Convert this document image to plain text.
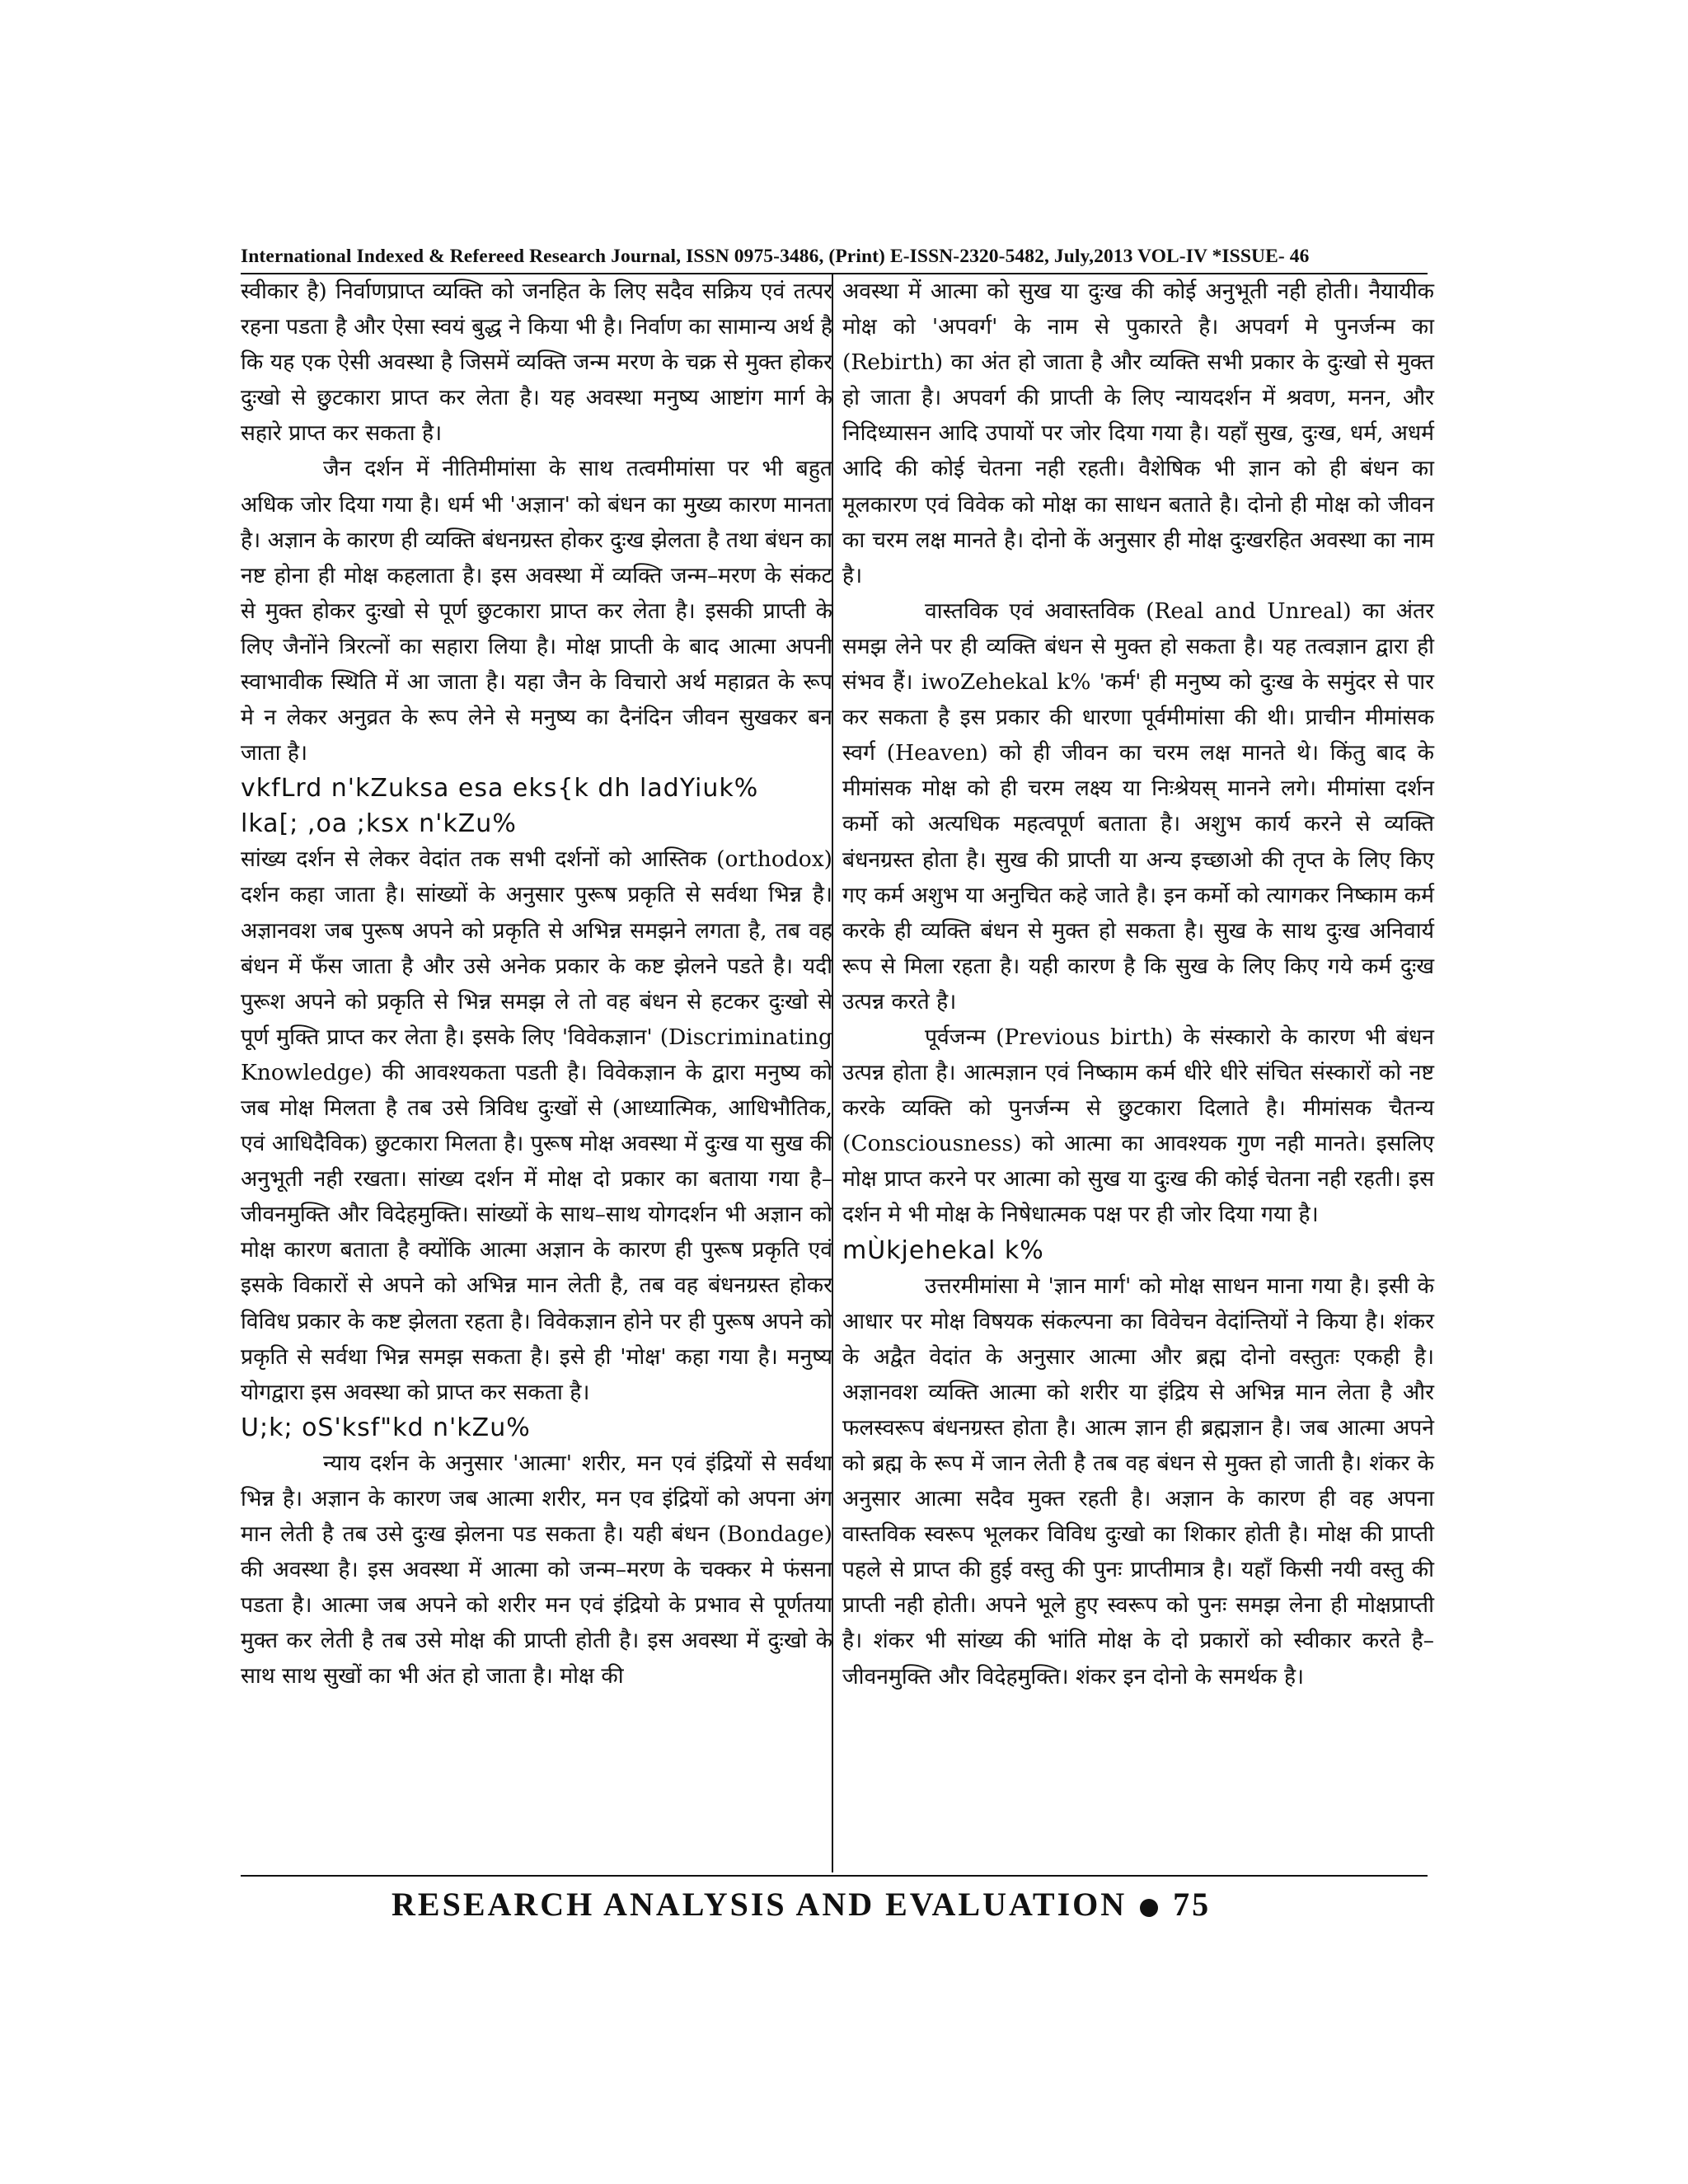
International Indexed & Refereed Research Journal, ISSN 0975-3486, (Print) E-ISSN-2320-5482, July,2013 VOL-IV *ISSUE- 46

स्वीकार है) निर्वाणप्राप्त व्यक्ति को जनहित के लिए सदैव सक्रिय एवं तत्पर रहना पडता है और ऐसा स्वयं बुद्ध ने किया भी है। निर्वाण का सामान्य अर्थ है कि यह एक ऐसी अवस्था है जिसमें व्यक्ति जन्म मरण के चक्र से मुक्त होकर दुःखो से छुटकारा प्राप्त कर लेता है। यह अवस्था मनुष्य आष्टांग मार्ग के सहारे प्राप्त कर सकता है।

जैन दर्शन में नीतिमीमांसा के साथ तत्वमीमांसा पर भी बहुत अधिक जोर दिया गया है। धर्म भी 'अज्ञान' को बंधन का मुख्य कारण मानता है। अज्ञान के कारण ही व्यक्ति बंधनग्रस्त होकर दुःख झेलता है तथा बंधन का नष्ट होना ही मोक्ष कहलाता है। इस अवस्था में व्यक्ति जन्म–मरण के संकट से मुक्त होकर दुःखो से पूर्ण छुटकारा प्राप्त कर लेता है। इसकी प्राप्ती के लिए जैनोंने त्रिरत्नों का सहारा लिया है। मोक्ष प्राप्ती के बाद आत्मा अपनी स्वाभावीक स्थिति में आ जाता है। यहा जैन के विचारो अर्थ महाव्रत के रूप मे न लेकर अनुव्रत के रूप लेने से मनुष्य का दैनंदिन जीवन सुखकर बन जाता है।

vkfLrd n'kZuksa esa eks{k dh ladYiuk%

lka[; ,oa ;ksx n'kZu%

सांख्य दर्शन से लेकर वेदांत तक सभी दर्शनों को आस्तिक (orthodox) दर्शन कहा जाता है। सांख्यों के अनुसार पुरूष प्रकृति से सर्वथा भिन्न है। अज्ञानवश जब पुरूष अपने को प्रकृति से अभिन्न समझने लगता है, तब वह बंधन में फँस जाता है और उसे अनेक प्रकार के कष्ट झेलने पडते है। यदी पुरूश अपने को प्रकृति से भिन्न समझ ले तो वह बंधन से हटकर दुःखो से पूर्ण मुक्ति प्राप्त कर लेता है। इसके लिए 'विवेकज्ञान' (Discriminating Knowledge) की आवश्यकता पडती है। विवेकज्ञान के द्वारा मनुष्य को जब मोक्ष मिलता है तब उसे त्रिविध दुःखों से (आध्यात्मिक, आधिभौतिक, एवं आधिदैविक) छुटकारा मिलता है। पुरूष मोक्ष अवस्था में दुःख या सुख की अनुभूती नही रखता। सांख्य दर्शन में मोक्ष दो प्रकार का बताया गया है–जीवनमुक्ति और विदेहमुक्ति। सांख्यों के साथ–साथ योगदर्शन भी अज्ञान को मोक्ष कारण बताता है क्योंकि आत्मा अज्ञान के कारण ही पुरूष प्रकृति एवं इसके विकारों से अपने को अभिन्न मान लेती है, तब वह बंधनग्रस्त होकर विविध प्रकार के कष्ट झेलता रहता है। विवेकज्ञान होने पर ही पुरूष अपने को प्रकृति से सर्वथा भिन्न समझ सकता है। इसे ही 'मोक्ष' कहा गया है। मनुष्य योगद्वारा इस अवस्था को प्राप्त कर सकता है।

U;k; oS'ksf"kd n'kZu%

न्याय दर्शन के अनुसार 'आत्मा' शरीर, मन एवं इंद्रियों से सर्वथा भिन्न है। अज्ञान के कारण जब आत्मा शरीर, मन एव इंद्रियों को अपना अंग मान लेती है तब उसे दुःख झेलना पड सकता है। यही बंधन (Bondage) की अवस्था है। इस अवस्था में आत्मा को जन्म–मरण के चक्कर मे फंसना पडता है। आत्मा जब अपने को शरीर मन एवं इंद्रियो के प्रभाव से पूर्णतया मुक्त कर लेती है तब उसे मोक्ष की प्राप्ती होती है। इस अवस्था में दुःखो के साथ साथ सुखों का भी अंत हो जाता है। मोक्ष की

अवस्था में आत्मा को सुख या दुःख की कोई अनुभूती नही होती। नैयायीक मोक्ष को 'अपवर्ग' के नाम से पुकारते है। अपवर्ग मे पुनर्जन्म का (Rebirth) का अंत हो जाता है और व्यक्ति सभी प्रकार के दुःखो से मुक्त हो जाता है। अपवर्ग की प्राप्ती के लिए न्यायदर्शन में श्रवण, मनन, और निदिध्यासन आदि उपायों पर जोर दिया गया है। यहाँ सुख, दुःख, धर्म, अधर्म आदि की कोई चेतना नही रहती। वैशेषिक भी ज्ञान को ही बंधन का मूलकारण एवं विवेक को मोक्ष का साधन बताते है। दोनो ही मोक्ष को जीवन का चरम लक्ष मानते है। दोनो कें अनुसार ही मोक्ष दुःखरहित अवस्था का नाम है।

वास्तविक एवं अवास्तविक (Real and Unreal) का अंतर समझ लेने पर ही व्यक्ति बंधन से मुक्त हो सकता है। यह तत्वज्ञान द्वारा ही संभव हैं। iwoZehekal k% 'कर्म' ही मनुष्य को दुःख के समुंदर से पार कर सकता है इस प्रकार की धारणा पूर्वमीमांसा की थी। प्राचीन मीमांसक स्वर्ग (Heaven) को ही जीवन का चरम लक्ष मानते थे। किंतु बाद के मीमांसक मोक्ष को ही चरम लक्ष्य या निःश्रेयस् मानने लगे। मीमांसा दर्शन कर्मो को अत्यधिक महत्वपूर्ण बताता है। अशुभ कार्य करने से व्यक्ति बंधनग्रस्त होता है। सुख की प्राप्ती या अन्य इच्छाओ की तृप्त के लिए किए गए कर्म अशुभ या अनुचित कहे जाते है। इन कर्मो को त्यागकर निष्काम कर्म करके ही व्यक्ति बंधन से मुक्त हो सकता है। सुख के साथ दुःख अनिवार्य रूप से मिला रहता है। यही कारण है कि सुख के लिए किए गये कर्म दुःख उत्पन्न करते है।

पूर्वजन्म (Previous birth) के संस्कारो के कारण भी बंधन उत्पन्न होता है। आत्मज्ञान एवं निष्काम कर्म धीरे धीरे संचित संस्कारों को नष्ट करके व्यक्ति को पुनर्जन्म से छुटकारा दिलाते है। मीमांसक चैतन्य (Consciousness) को आत्मा का आवश्यक गुण नही मानते। इसलिए मोक्ष प्राप्त करने पर आत्मा को सुख या दुःख की कोई चेतना नही रहती। इस दर्शन मे भी मोक्ष के निषेधात्मक पक्ष पर ही जोर दिया गया है।

mÙkjehekal k%

उत्तरमीमांसा मे 'ज्ञान मार्ग' को मोक्ष साधन माना गया है। इसी के आधार पर मोक्ष विषयक संकल्पना का विवेचन वेदांन्तियों ने किया है। शंकर के अद्वैत वेदांत के अनुसार आत्मा और ब्रह्म दोनो वस्तुतः एकही है। अज्ञानवश व्यक्ति आत्मा को शरीर या इंद्रिय से अभिन्न मान लेता है और फलस्वरूप बंधनग्रस्त होता है। आत्म ज्ञान ही ब्रह्मज्ञान है। जब आत्मा अपने को ब्रह्म के रूप में जान लेती है तब वह बंधन से मुक्त हो जाती है। शंकर के अनुसार आत्मा सदैव मुक्त रहती है। अज्ञान के कारण ही वह अपना वास्तविक स्वरूप भूलकर विविध दुःखो का शिकार होती है। मोक्ष की प्राप्ती पहले से प्राप्त की हुई वस्तु की पुनः प्राप्तीमात्र है। यहाँ किसी नयी वस्तु की प्राप्ती नही होती। अपने भूले हुए स्वरूप को पुनः समझ लेना ही मोक्षप्राप्ती है। शंकर भी सांख्य की भांति मोक्ष के दो प्रकारों को स्वीकार करते है–जीवनमुक्ति और विदेहमुक्ति। शंकर इन दोनो के समर्थक है।

RESEARCH ANALYSIS AND EVALUATION 75
